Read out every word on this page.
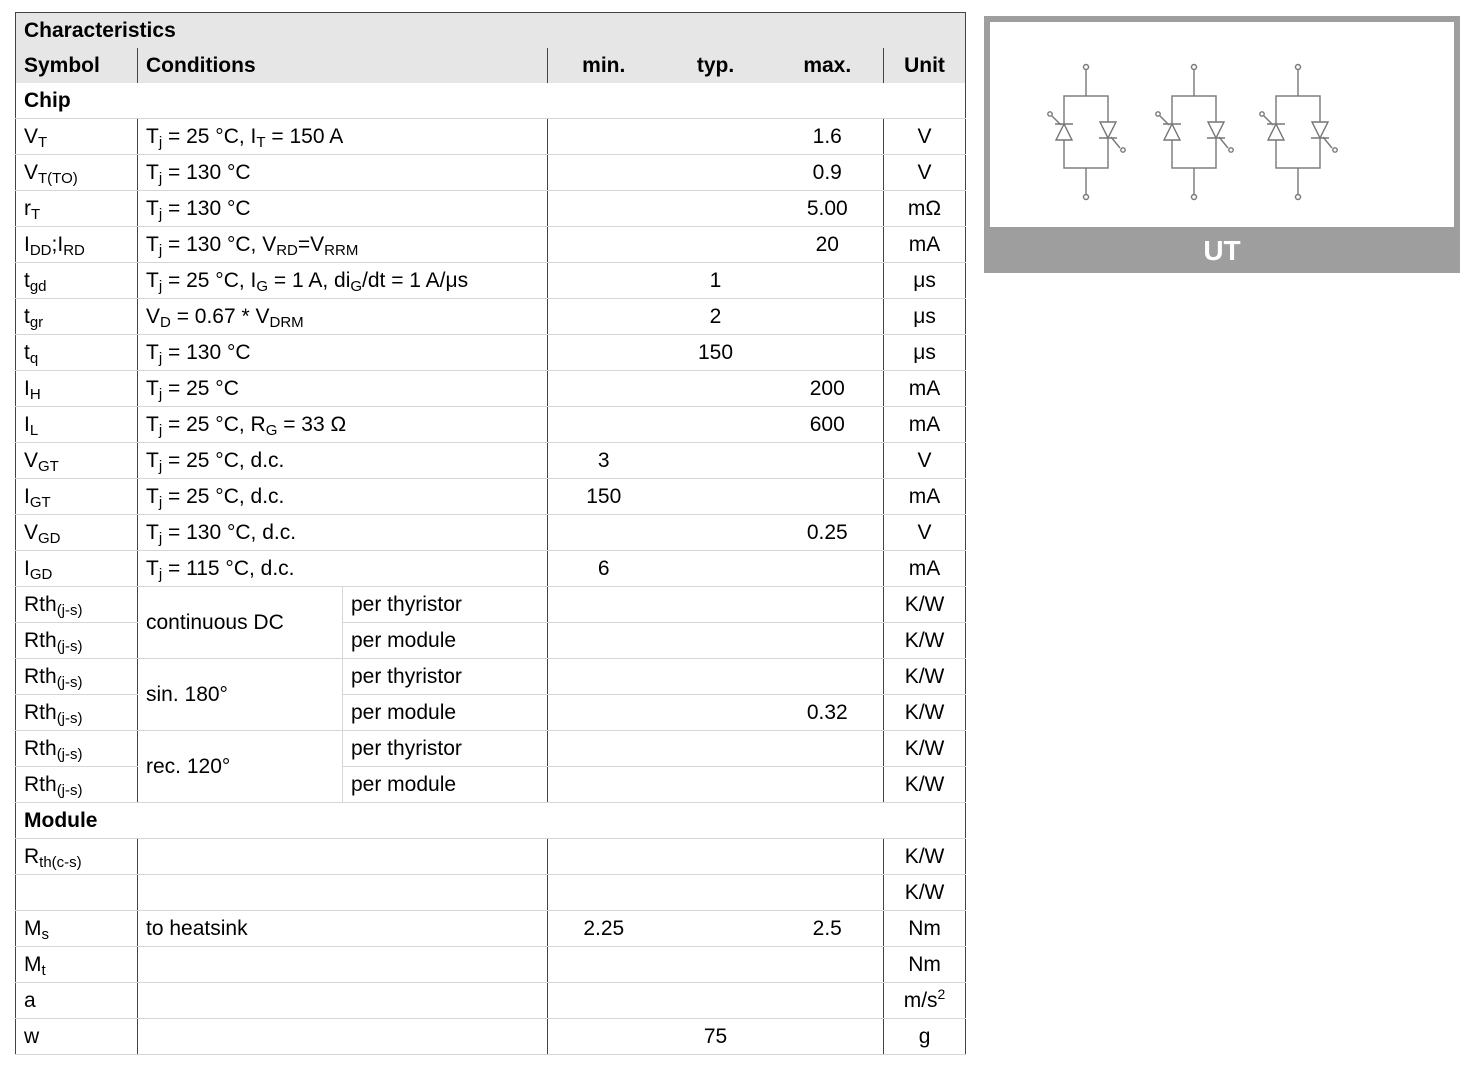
Characteristics						
Symbol	Conditions		min.	typ.	max.	Unit
Chip						
$V_T$	$T_j = 25$ °C, $I_T = 150$ A				1.6	V
$V_{T(TO)}$	$T_j = 130$ °C				0.9	V
$r_T$	$T_j = 130$ °C				5.00	mΩ
$I_{DD};I_{RD}$	$T_j = 130$ °C, $V_{RD}=V_{RRM}$				20	mA
$t_{gd}$	$T_j = 25$ °C, $I_G = 1$ A, $di_G/dt = 1$ A/μs			1		μs
$t_{gr}$	$V_D = 0.67 * V_{DRM}$			2		μs
$t_q$	$T_j = 130$ °C			150		μs
$I_H$	$T_j = 25$ °C				200	mA
$I_L$	$T_j = 25$ °C, $R_G = 33$ Ω				600	mA
$V_{GT}$	$T_j = 25$ °C, d.c.		3			V
$I_{GT}$	$T_j = 25$ °C, d.c.		150			mA
$V_{GD}$	$T_j = 130$ °C, d.c.				0.25	V
$I_{GD}$	$T_j = 115$ °C, d.c.		6			mA
Rth$_{(j-s)}$	continuous DC	per thyristor				K/W
Rth$_{(j-s)}$		per module				K/W
Rth$_{(j-s)}$	sin. 180°	per thyristor				K/W
Rth$_{(j-s)}$		per module			0.32	K/W
Rth$_{(j-s)}$	rec. 120°	per thyristor				K/W
Rth$_{(j-s)}$		per module				K/W
Module						
$R_{th(c-s)}$						K/W
						K/W
$M_s$	to heatsink		2.25		2.5	Nm
$M_t$						Nm
a						$m/s^2$
w				75		g
UT
